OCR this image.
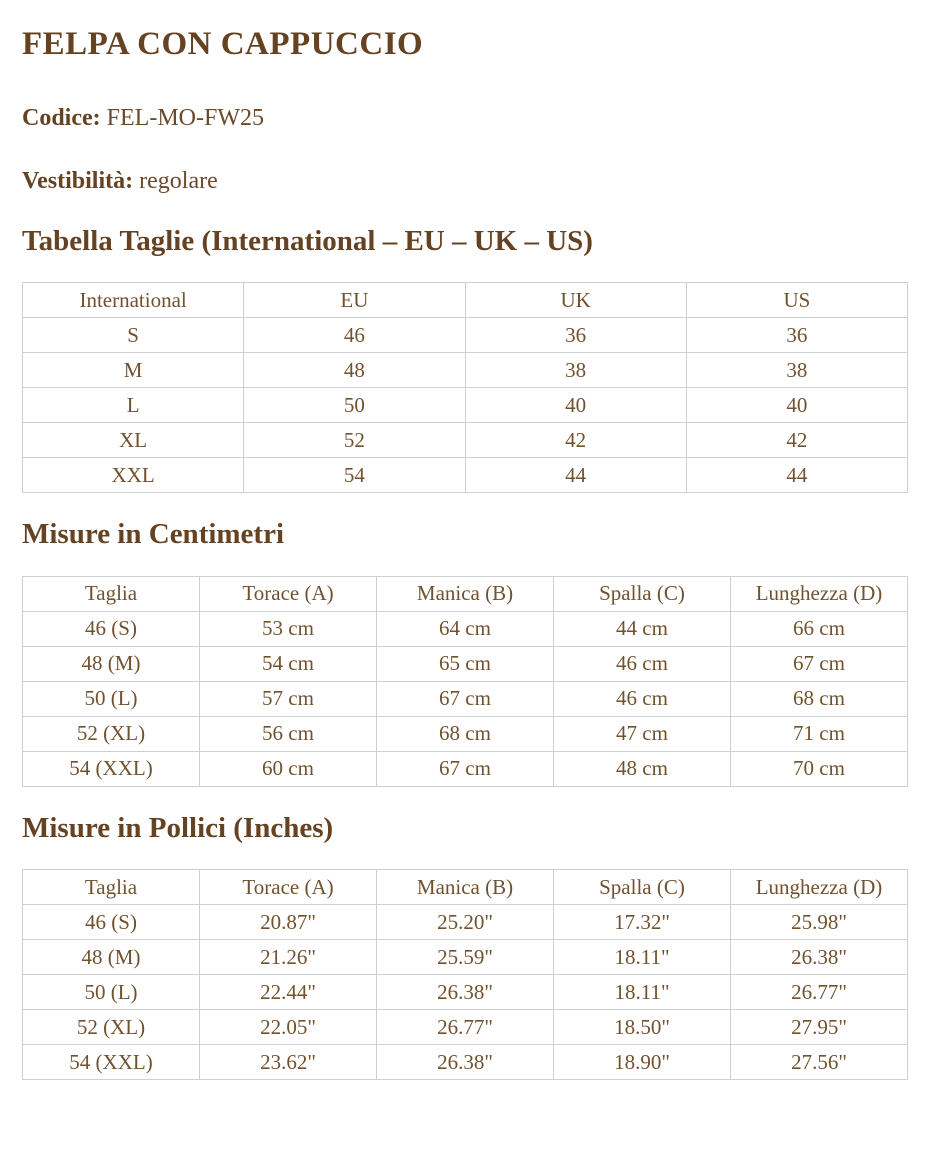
FELPA CON CAPPUCCIO

Codice: FEL-MO-FW25

Vestibilità: regolare

Tabella Taglie (International – EU – UK – US)
International	EU	UK	US
S	46	36	36
M	48	38	38
L	50	40	40
XL	52	42	42
XXL	54	44	44
Misure in Centimetri
Taglia	Torace (A)	Manica (B)	Spalla (C)	Lunghezza (D)
46 (S)	53 cm	64 cm	44 cm	66 cm
48 (M)	54 cm	65 cm	46 cm	67 cm
50 (L)	57 cm	67 cm	46 cm	68 cm
52 (XL)	56 cm	68 cm	47 cm	71 cm
54 (XXL)	60 cm	67 cm	48 cm	70 cm
Misure in Pollici (Inches)
Taglia	Torace (A)	Manica (B)	Spalla (C)	Lunghezza (D)
46 (S)	20.87"	25.20"	17.32"	25.98"
48 (M)	21.26"	25.59"	18.11"	26.38"
50 (L)	22.44"	26.38"	18.11"	26.77"
52 (XL)	22.05"	26.77"	18.50"	27.95"
54 (XXL)	23.62"	26.38"	18.90"	27.56"
